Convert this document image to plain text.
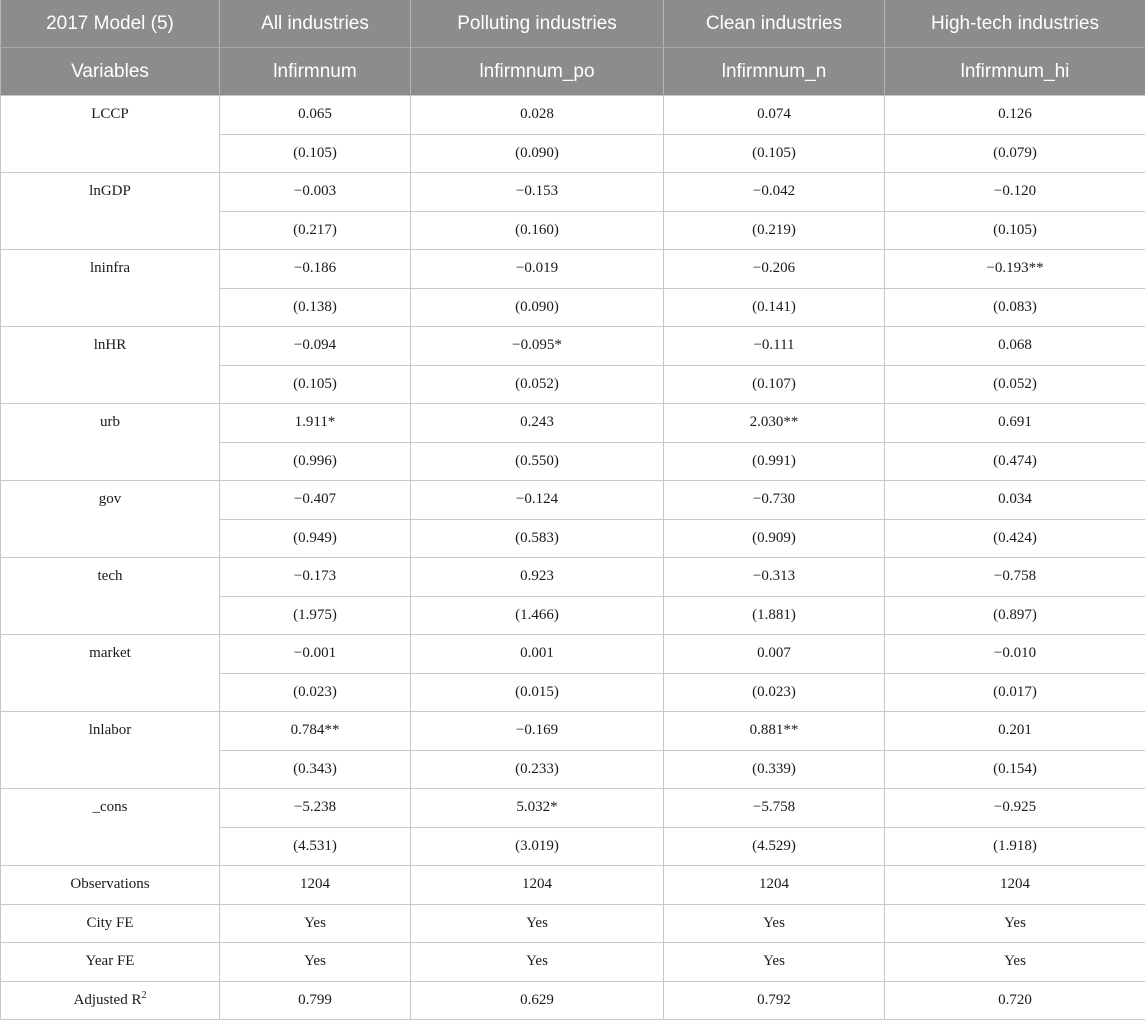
2017 Model (5)	All industries	Polluting industries	Clean industries	High-tech industries
Variables	lnfirmnum	lnfirmnum_po	lnfirmnum_n	lnfirmnum_hi
LCCP	0.065	0.028	0.074	0.126
	(0.105)	(0.090)	(0.105)	(0.079)
lnGDP	−0.003	−0.153	−0.042	−0.120
	(0.217)	(0.160)	(0.219)	(0.105)
lninfra	−0.186	−0.019	−0.206	−0.193**
	(0.138)	(0.090)	(0.141)	(0.083)
lnHR	−0.094	−0.095*	−0.111	0.068
	(0.105)	(0.052)	(0.107)	(0.052)
urb	1.911*	0.243	2.030**	0.691
	(0.996)	(0.550)	(0.991)	(0.474)
gov	−0.407	−0.124	−0.730	0.034
	(0.949)	(0.583)	(0.909)	(0.424)
tech	−0.173	0.923	−0.313	−0.758
	(1.975)	(1.466)	(1.881)	(0.897)
market	−0.001	0.001	0.007	−0.010
	(0.023)	(0.015)	(0.023)	(0.017)
lnlabor	0.784**	−0.169	0.881**	0.201
	(0.343)	(0.233)	(0.339)	(0.154)
_cons	−5.238	5.032*	−5.758	−0.925
	(4.531)	(3.019)	(4.529)	(1.918)
Observations	1204	1204	1204	1204
City FE	Yes	Yes	Yes	Yes
Year FE	Yes	Yes	Yes	Yes
Adjusted $R^2$	0.799	0.629	0.792	0.720
